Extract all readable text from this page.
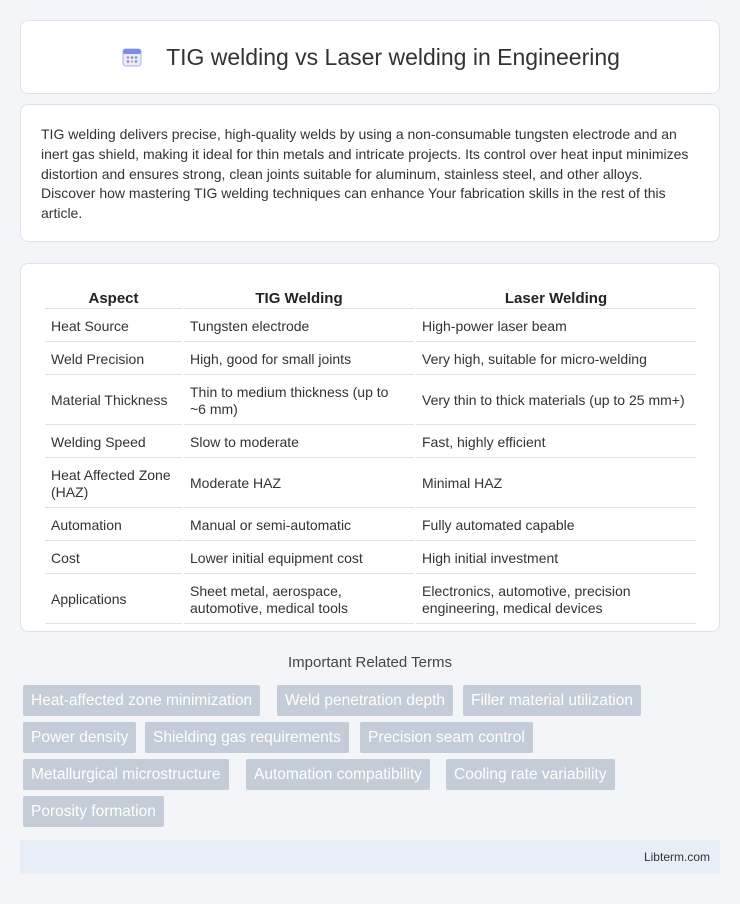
TIG welding vs Laser welding in Engineering

TIG welding delivers precise, high-quality welds by using a non-consumable tungsten electrode and an inert gas shield, making it ideal for thin metals and intricate projects. Its control over heat input minimizes distortion and ensures strong, clean joints suitable for aluminum, stainless steel, and other alloys. Discover how mastering TIG welding techniques can enhance Your fabrication skills in the rest of this article.

Aspect	TIG Welding	Laser Welding
Heat Source	Tungsten electrode	High-power laser beam
Weld Precision	High, good for small joints	Very high, suitable for micro-welding
Material Thickness	Thin to medium thickness (up to ~6 mm)	Very thin to thick materials (up to 25 mm+)
Welding Speed	Slow to moderate	Fast, highly efficient
Heat Affected Zone (HAZ)	Moderate HAZ	Minimal HAZ
Automation	Manual or semi-automatic	Fully automated capable
Cost	Lower initial equipment cost	High initial investment
Applications	Sheet metal, aerospace, automotive, medical tools	Electronics, automotive, precision engineering, medical devices
Important Related Terms
Heat-affected zone minimization	Weld penetration depth	Filler material utilization
Power density	Shielding gas requirements	Precision seam control
Metallurgical microstructure	Automation compatibility	Cooling rate variability
Porosity formation
Libterm.com
